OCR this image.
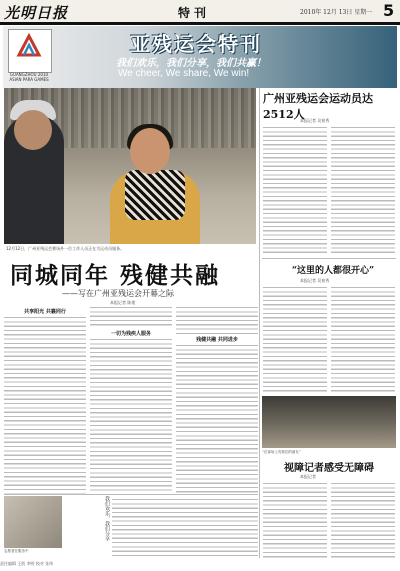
光明日报	特刊	2010年 12月 13日 星期一 5
GUANGZHOU 2010 ASIAN PARA GAMES
亚残运会特刊
我们欢乐，我们分享，我们共赢！
We cheer, We share, We win!
12月12日，广州亚残运会赛场外一位工作人员正在为运动员服务。
广州亚残运会运动员达2512人
本报记者 吴春秀
同城同年 残健共融
——写在广州亚残运会开幕之际
本报记者 陈建
共享阳光 共襄同行
一切为残疾人服务
残健共融 共同进步
“这里的人都很开心”
本报记者 吴春秀
“在赛场上有我们的朋友”
视障记者感受无障碍
本报记者
志愿者在服务中
我们欢乐，我们分享
责任编辑 王凯 李明 校对 张伟
